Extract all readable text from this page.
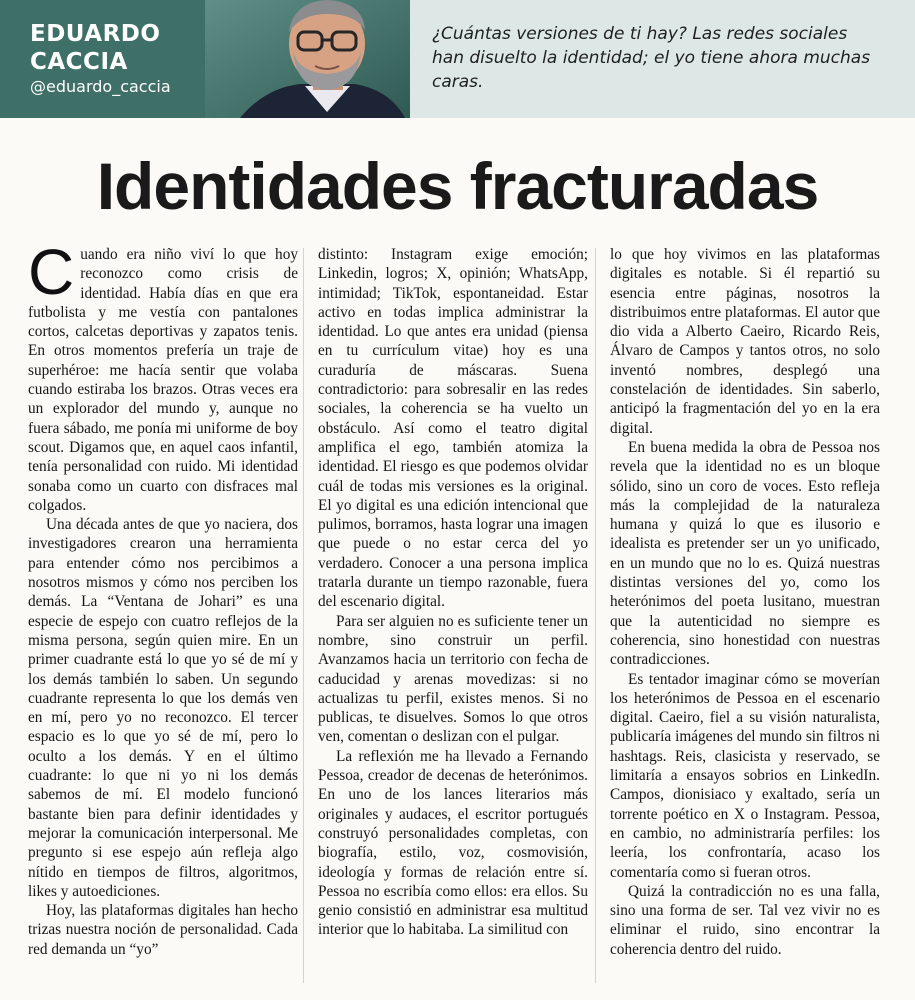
EDUARDO
CACCIA
@eduardo_caccia
¿Cuántas versiones de ti hay? Las redes sociales han disuelto la identidad; el yo tiene ahora muchas caras.
Identidades fracturadas

Cuando era niño viví lo que hoy reconozco como crisis de identidad. Había días en que era futbolista y me vestía con pantalones cortos, calcetas deportivas y zapatos tenis. En otros momentos prefería un traje de superhéroe: me hacía sentir que volaba cuando estiraba los brazos. Otras veces era un explorador del mundo y, aunque no fuera sábado, me ponía mi uniforme de boy scout. Digamos que, en aquel caos infantil, tenía personalidad con ruido. Mi identidad sonaba como un cuarto con disfraces mal colgados.

Una década antes de que yo naciera, dos investigadores crearon una herramienta para entender cómo nos percibimos a nosotros mismos y cómo nos perciben los demás. La “Ventana de Johari” es una especie de espejo con cuatro reflejos de la misma persona, según quien mire. En un primer cuadrante está lo que yo sé de mí y los demás también lo saben. Un segundo cuadrante representa lo que los demás ven en mí, pero yo no reconozco. El tercer espacio es lo que yo sé de mí, pero lo oculto a los demás. Y en el último cuadrante: lo que ni yo ni los demás sabemos de mí. El modelo funcionó bastante bien para definir identidades y mejorar la comunicación interpersonal. Me pregunto si ese espejo aún refleja algo nítido en tiempos de filtros, algoritmos, likes y autoediciones.

Hoy, las plataformas digitales han hecho trizas nuestra noción de personalidad. Cada red demanda un “yo”

distinto: Instagram exige emoción; Linkedin, logros; X, opinión; WhatsApp, intimidad; TikTok, espontaneidad. Estar activo en todas implica administrar la identidad. Lo que antes era unidad (piensa en tu currículum vitae) hoy es una curaduría de máscaras. Suena contradictorio: para sobresalir en las redes sociales, la coherencia se ha vuelto un obstáculo. Así como el teatro digital amplifica el ego, también atomiza la identidad. El riesgo es que podemos olvidar cuál de todas mis versiones es la original. El yo digital es una edición intencional que pulimos, borramos, hasta lograr una imagen que puede o no estar cerca del yo verdadero. Conocer a una persona implica tratarla durante un tiempo razonable, fuera del escenario digital.

Para ser alguien no es suficiente tener un nombre, sino construir un perfil. Avanzamos hacia un territorio con fecha de caducidad y arenas movedizas: si no actualizas tu perfil, existes menos. Si no publicas, te disuelves. Somos lo que otros ven, comentan o deslizan con el pulgar.

La reflexión me ha llevado a Fernando Pessoa, creador de decenas de heterónimos. En uno de los lances literarios más originales y audaces, el escritor portugués construyó personalidades completas, con biografía, estilo, voz, cosmovisión, ideología y formas de relación entre sí. Pessoa no escribía como ellos: era ellos. Su genio consistió en administrar esa multitud interior que lo habitaba. La similitud con

lo que hoy vivimos en las plataformas digitales es notable. Si él repartió su esencia entre páginas, nosotros la distribuimos entre plataformas. El autor que dio vida a Alberto Caeiro, Ricardo Reis, Álvaro de Campos y tantos otros, no solo inventó nombres, desplegó una constelación de identidades. Sin saberlo, anticipó la fragmentación del yo en la era digital.

En buena medida la obra de Pessoa nos revela que la identidad no es un bloque sólido, sino un coro de voces. Esto refleja más la complejidad de la naturaleza humana y quizá lo que es ilusorio e idealista es pretender ser un yo unificado, en un mundo que no lo es. Quizá nuestras distintas versiones del yo, como los heterónimos del poeta lusitano, muestran que la autenticidad no siempre es coherencia, sino honestidad con nuestras contradicciones.

Es tentador imaginar cómo se moverían los heterónimos de Pessoa en el escenario digital. Caeiro, fiel a su visión naturalista, publicaría imágenes del mundo sin filtros ni hashtags. Reis, clasicista y reservado, se limitaría a ensayos sobrios en LinkedIn. Campos, dionisiaco y exaltado, sería un torrente poético en X o Instagram. Pessoa, en cambio, no administraría perfiles: los leería, los confrontaría, acaso los comentaría como si fueran otros.

Quizá la contradicción no es una falla, sino una forma de ser. Tal vez vivir no es eliminar el ruido, sino encontrar la coherencia dentro del ruido.
